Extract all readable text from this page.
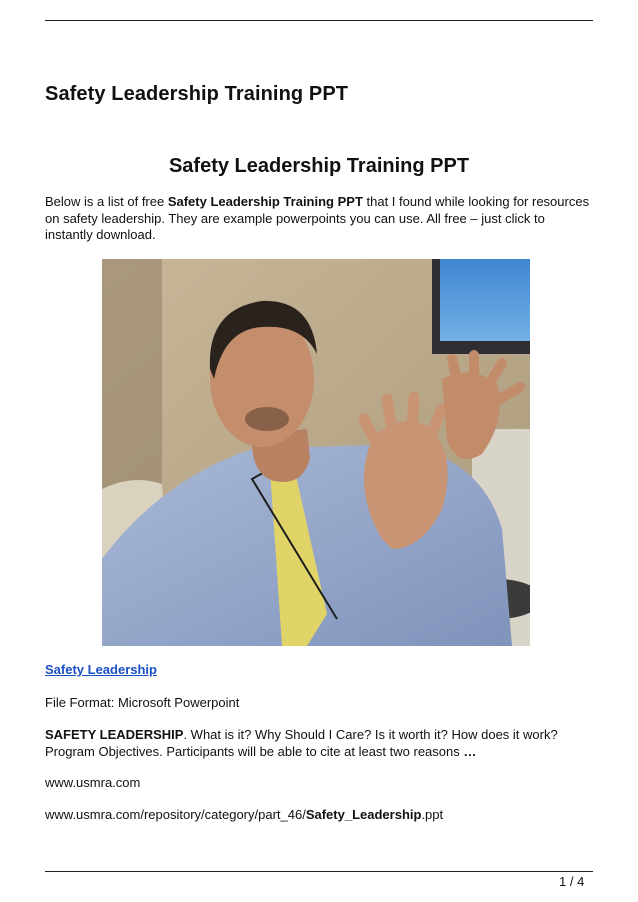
Safety Leadership Training PPT
Safety Leadership Training PPT

Below is a list of free Safety Leadership Training PPT that I found while looking for resources on safety leadership. They are example powerpoints you can use. All free – just click to instantly download.

Safety Leadership

File Format: Microsoft Powerpoint

SAFETY LEADERSHIP. What is it? Why Should I Care? Is it worth it? How does it work? Program Objectives. Participants will be able to cite at least two reasons …

www.usmra.com

www.usmra.com/repository/category/part_46/Safety_Leadership.ppt

1 / 4
